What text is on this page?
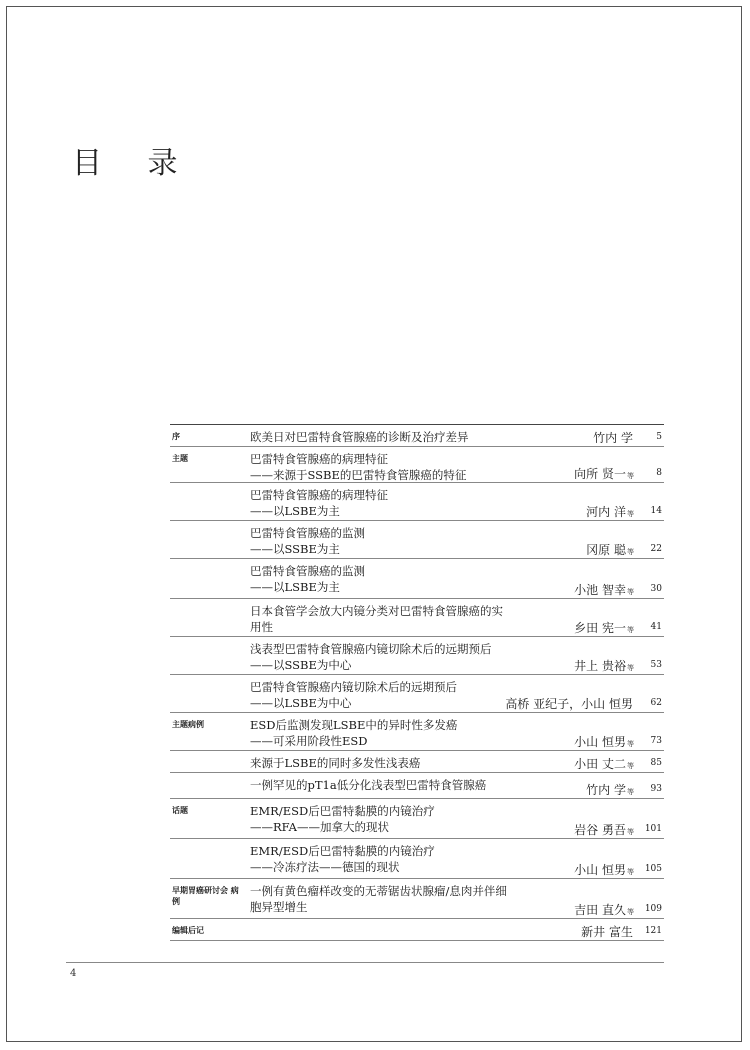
目 录
序	欧美日对巴雷特食管腺癌的诊断及治疗差异	竹内 学	5
主题	巴雷特食管腺癌的病理特征
——来源于SSBE的巴雷特食管腺癌的特征	向所 贤一等	8
巴雷特食管腺癌的病理特征
——以LSBE为主	河内 洋等	14
巴雷特食管腺癌的监测
——以SSBE为主	冈原 聪等	22
巴雷特食管腺癌的监测
——以LSBE为主	小池 智幸等	30
日本食管学会放大内镜分类对巴雷特食管腺癌的实
用性	乡田 宪一等	41
浅表型巴雷特食管腺癌内镜切除术后的远期预后
——以SSBE为中心	井上 贵裕等	53
巴雷特食管腺癌内镜切除术后的远期预后
——以LSBE为中心	高桥 亚纪子，小山 恒男	62
主题病例	ESD后监测发现LSBE中的异时性多发癌
——可采用阶段性ESD	小山 恒男等	73
来源于LSBE的同时多发性浅表癌	小田 丈二等	85
一例罕见的pT1a低分化浅表型巴雷特食管腺癌	竹内 学等	93
话题	EMR/ESD后巴雷特黏膜的内镜治疗
——RFA——加拿大的现状	岩谷 勇吾等	101
EMR/ESD后巴雷特黏膜的内镜治疗
——冷冻疗法——德国的现状	小山 恒男等	105
早期胃癌研讨会 病例
一例有黄色瘤样改变的无蒂锯齿状腺瘤/息肉并伴细
胞异型增生	吉田 直久等	109
编辑后记	新井 富生	121
4
